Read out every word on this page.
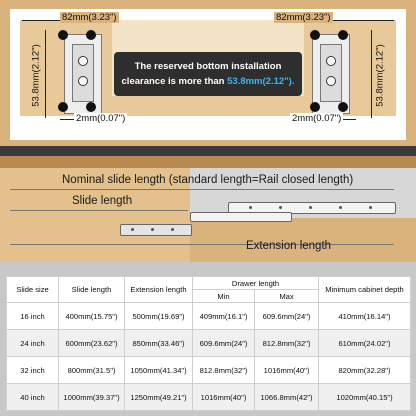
82mm(3.23")	82mm(3.23")
53.8mm(2.12")	53.8mm(2.12")
2mm(0.07")	2mm(0.07")
The reserved bottom installation
clearance is more than 53.8mm(2.12").
Nominal slide length (standard length=Rail closed length)
Slide length
Extension length
Slide size	Slide length	Extension length	Drawer length		Minimum cabinet depth
			Min	Max	
16 inch	400mm(15.75")	500mm(19.69")	409mm(16.1")	609.6mm(24")	410mm(16.14")
24 inch	600mm(23.62")	850mm(33.46")	609.6mm(24")	812.8mm(32")	610mm(24.02")
32 inch	800mm(31.5")	1050mm(41.34")	812.8mm(32")	1016mm(40")	820mm(32.28")
40 inch	1000mm(39.37")	1250mm(49.21")	1016mm(40")	1066.8mm(42")	1020mm(40.15")
